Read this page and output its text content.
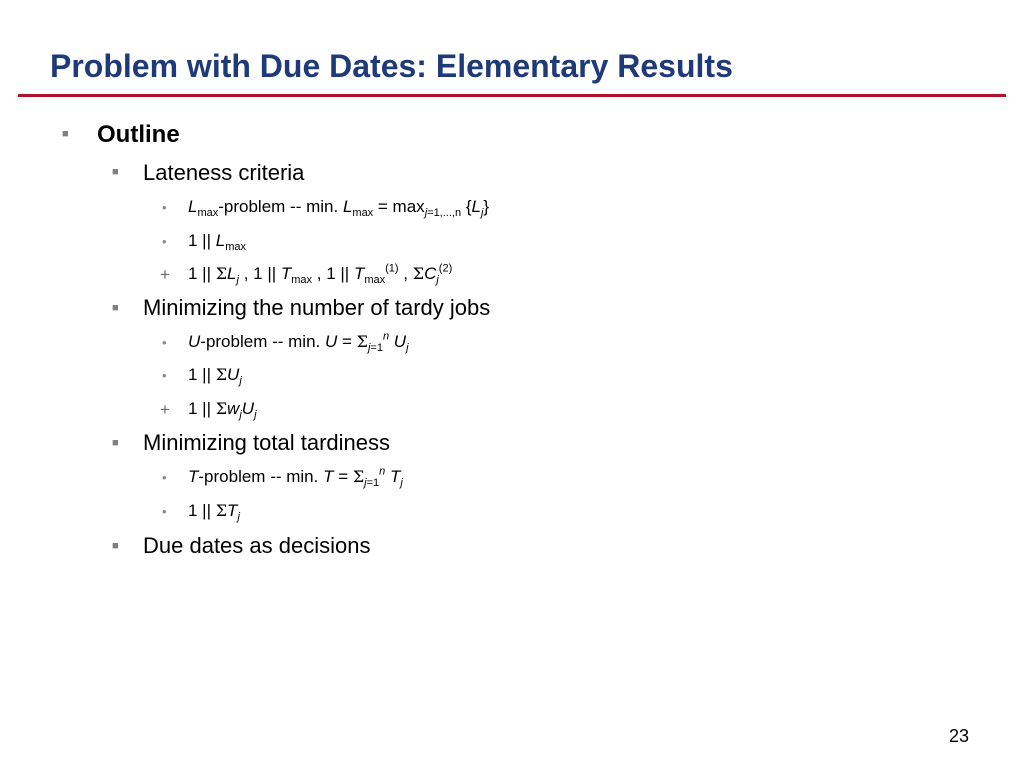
Problem with Due Dates: Elementary Results
■ Outline
■ Lateness criteria
• $L_{max}$-problem -- min. $L_{max} = \max_{j=1,...,n} \{L_j\}$
• 1 || $L_{max}$
+ 1 || $\Sigma L_j$ , 1 || $T_{max}$ , 1 || $T_{max}^{(1)}$ , $\Sigma C_j^{(2)}$
■ Minimizing the number of tardy jobs
• U-problem -- min. $U = \Sigma_{j=1}^n$ $U_j$
• 1 || $\Sigma U_j$
+ 1 || $\Sigma w_jU_j$
■ Minimizing total tardiness
• T-problem -- min. $T = \Sigma_{j=1}^n$ $T_j$
• 1 || $\Sigma T_j$
■ Due dates as decisions
23
